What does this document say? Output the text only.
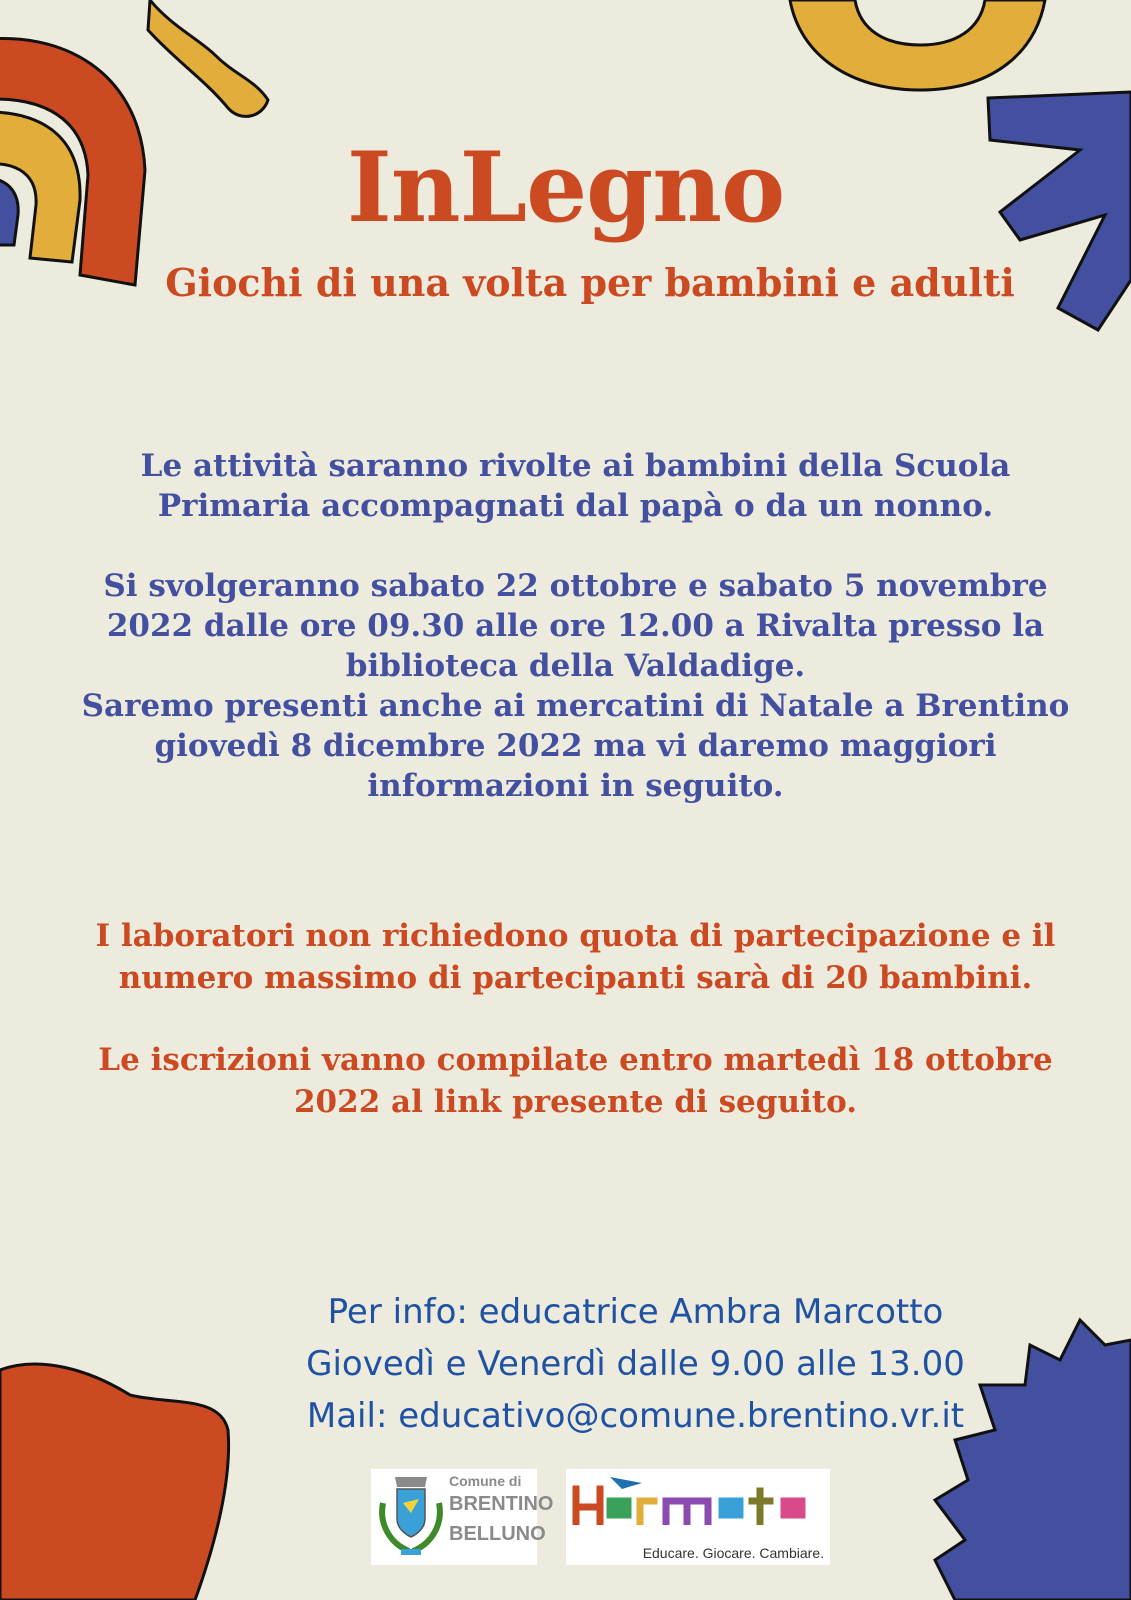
InLegno
Giochi di una volta per bambini e adulti
Le attività saranno rivolte ai bambini della Scuola
Primaria accompagnati dal papà o da un nonno.
Si svolgeranno sabato 22 ottobre e sabato 5 novembre
2022 dalle ore 09.30 alle ore 12.00 a Rivalta presso la
biblioteca della Valdadige.
Saremo presenti anche ai mercatini di Natale a Brentino
giovedì 8 dicembre 2022 ma vi daremo maggiori
informazioni in seguito.
I laboratori non richiedono quota di partecipazione e il
numero massimo di partecipanti sarà di 20 bambini.
Le iscrizioni vanno compilate entro martedì 18 ottobre
2022 al link presente di seguito.
Per info: educatrice Ambra Marcotto
Giovedì e Venerdì dalle 9.00 alle 13.00
Mail: educativo@comune.brentino.vr.it
Comune di
BRENTINO
BELLUNO
Educare. Giocare. Cambiare.
